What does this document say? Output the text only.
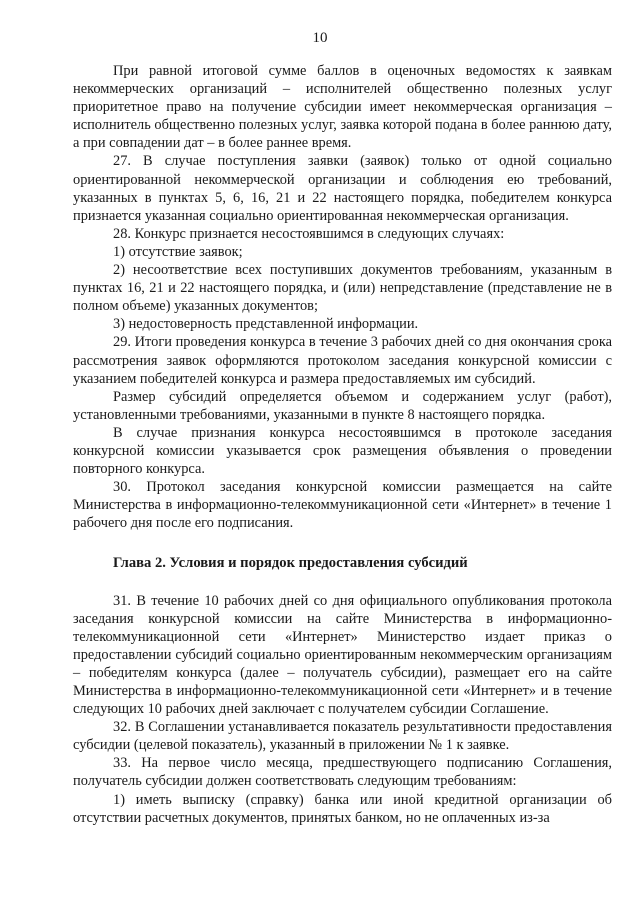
10

При равной итоговой сумме баллов в оценочных ведомостях к заявкам некоммерческих организаций – исполнителей общественно полезных услуг приоритетное право на получение субсидии имеет некоммерческая организация – исполнитель общественно полезных услуг, заявка которой подана в более раннюю дату, а при совпадении дат – в более раннее время.

27. В случае поступления заявки (заявок) только от одной социально ориентированной некоммерческой организации и соблюдения ею требований, указанных в пунктах 5, 6, 16, 21 и 22 настоящего порядка, победителем конкурса признается указанная социально ориентированная некоммерческая организация.

28. Конкурс признается несостоявшимся в следующих случаях:

1) отсутствие заявок;

2) несоответствие всех поступивших документов требованиям, указанным в пунктах 16, 21 и 22 настоящего порядка, и (или) непредставление (представление не в полном объеме) указанных документов;

3) недостоверность представленной информации.

29. Итоги проведения конкурса в течение 3 рабочих дней со дня окончания срока рассмотрения заявок оформляются протоколом заседания конкурсной комиссии с указанием победителей конкурса и размера предоставляемых им субсидий.

Размер субсидий определяется объемом и содержанием услуг (работ), установленными требованиями, указанными в пункте 8 настоящего порядка.

В случае признания конкурса несостоявшимся в протоколе заседания конкурсной комиссии указывается срок размещения объявления о проведении повторного конкурса.

30. Протокол заседания конкурсной комиссии размещается на сайте Министерства в информационно-телекоммуникационной сети «Интернет» в течение 1 рабочего дня после его подписания.

Глава 2. Условия и порядок предоставления субсидий

31. В течение 10 рабочих дней со дня официального опубликования протокола заседания конкурсной комиссии на сайте Министерства в информационно-телекоммуникационной сети «Интернет» Министерство издает приказ о предоставлении субсидий социально ориентированным некоммерческим организациям – победителям конкурса (далее – получатель субсидии), размещает его на сайте Министерства в информационно-телекоммуникационной сети «Интернет» и в течение следующих 10 рабочих дней заключает с получателем субсидии Соглашение.

32. В Соглашении устанавливается показатель результативности предоставления субсидии (целевой показатель), указанный в приложении № 1 к заявке.

33. На первое число месяца, предшествующего подписанию Соглашения, получатель субсидии должен соответствовать следующим требованиям:

1) иметь выписку (справку) банка или иной кредитной организации об отсутствии расчетных документов, принятых банком, но не оплаченных из-за
